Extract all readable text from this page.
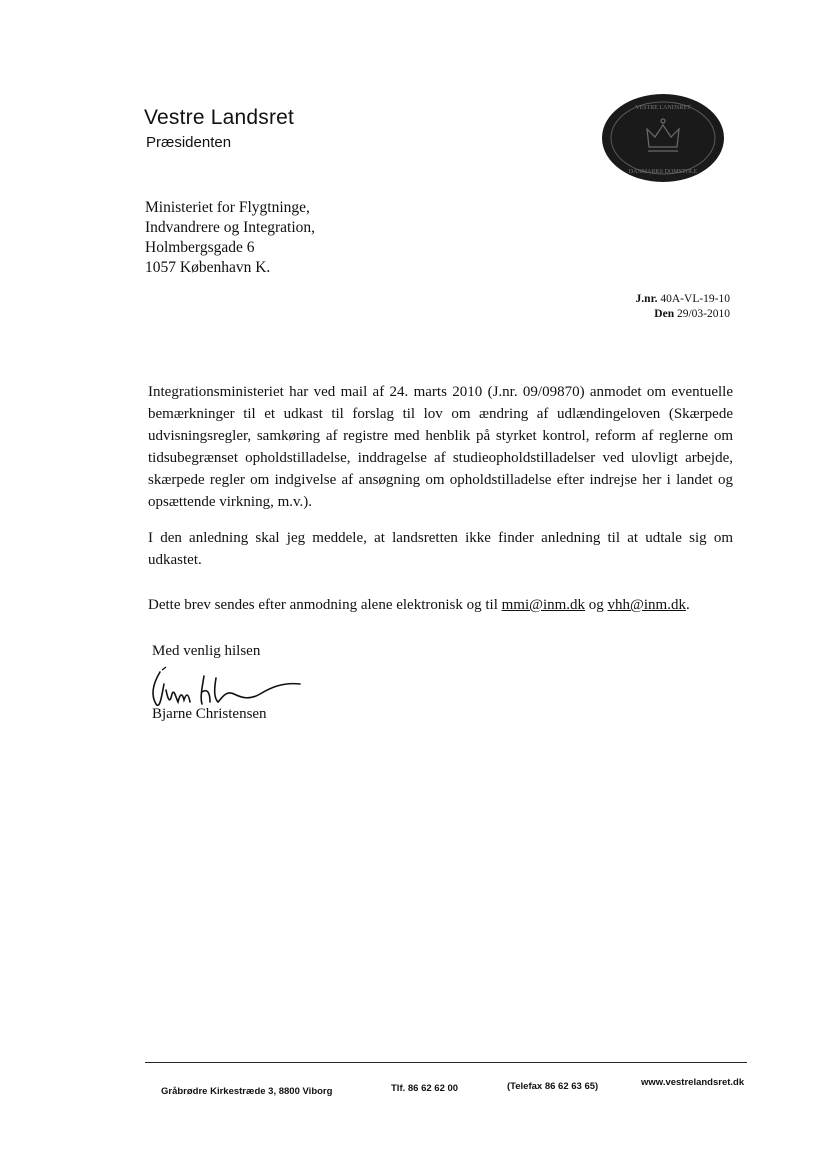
Vestre Landsret
Præsidenten
VESTRE LANDSRET
DANMARKS DOMSTOLE
Ministeriet for Flygtninge,
Indvandrere og Integration,
Holmbergsgade 6
1057 København K.
J.nr. 40A-VL-19-10
Den 29/03-2010
Integrationsministeriet har ved mail af 24. marts 2010 (J.nr. 09/09870) anmodet om eventuelle bemærkninger til et udkast til forslag til lov om ændring af udlændingeloven (Skærpede udvisningsregler, samkøring af registre med henblik på styrket kontrol, reform af reglerne om tidsubegrænset opholdstilladelse, inddragelse af studieopholdstilladelser ved ulovligt arbejde, skærpede regler om indgivelse af ansøgning om opholdstilladelse efter indrejse her i landet og opsættende virkning, m.v.).
I den anledning skal jeg meddele, at landsretten ikke finder anledning til at udtale sig om udkastet.
Dette brev sendes efter anmodning alene elektronisk og til mmi@inm.dk og vhh@inm.dk.
Med venlig hilsen
Bjarne Christensen
Gråbrødre Kirkestræde 3, 8800 Viborg	Tlf. 86 62 62 00	(Telefax 86 62 63 65)	www.vestrelandsret.dk
